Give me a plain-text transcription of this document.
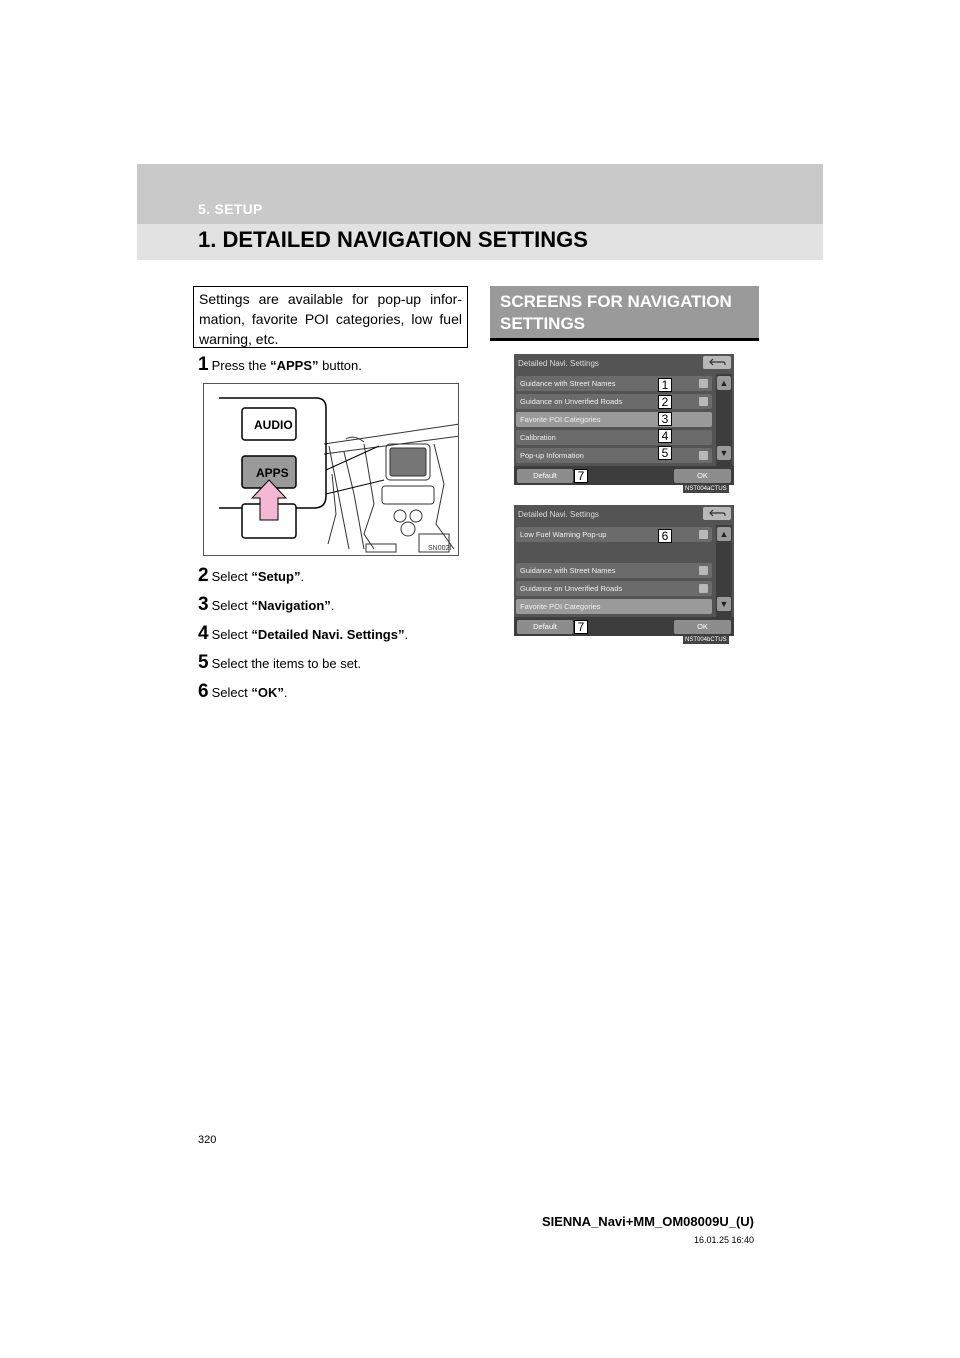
5. SETUP
1. DETAILED NAVIGATION SETTINGS
Settings are available for pop-up infor-mation, favorite POI categories, low fuel warning, etc.
1 Press the “APPS” button.
AUDIO
APPS
SN002I
2 Select “Setup”.
3 Select “Navigation”.
4 Select “Detailed Navi. Settings”.
5 Select the items to be set.
6 Select “OK”.
SCREENS FOR NAVIGATION SETTINGS
Detailed Navi. Settings
▲
▼
Guidance with Street Names
Guidance on Unverified Roads
Favorite POI Categories
Calibration
Pop-up Information
Default	OK
1
2
3
4
5
7
NST004aCTUS
Detailed Navi. Settings
▲
▼
Low Fuel Warning Pop-up
Guidance with Street Names
Guidance on Unverified Roads
Favorite POI Categories
Default	OK
6
7
NST004bCTUS
320
SIENNA_Navi+MM_OM08009U_(U)
16.01.25 16:40
